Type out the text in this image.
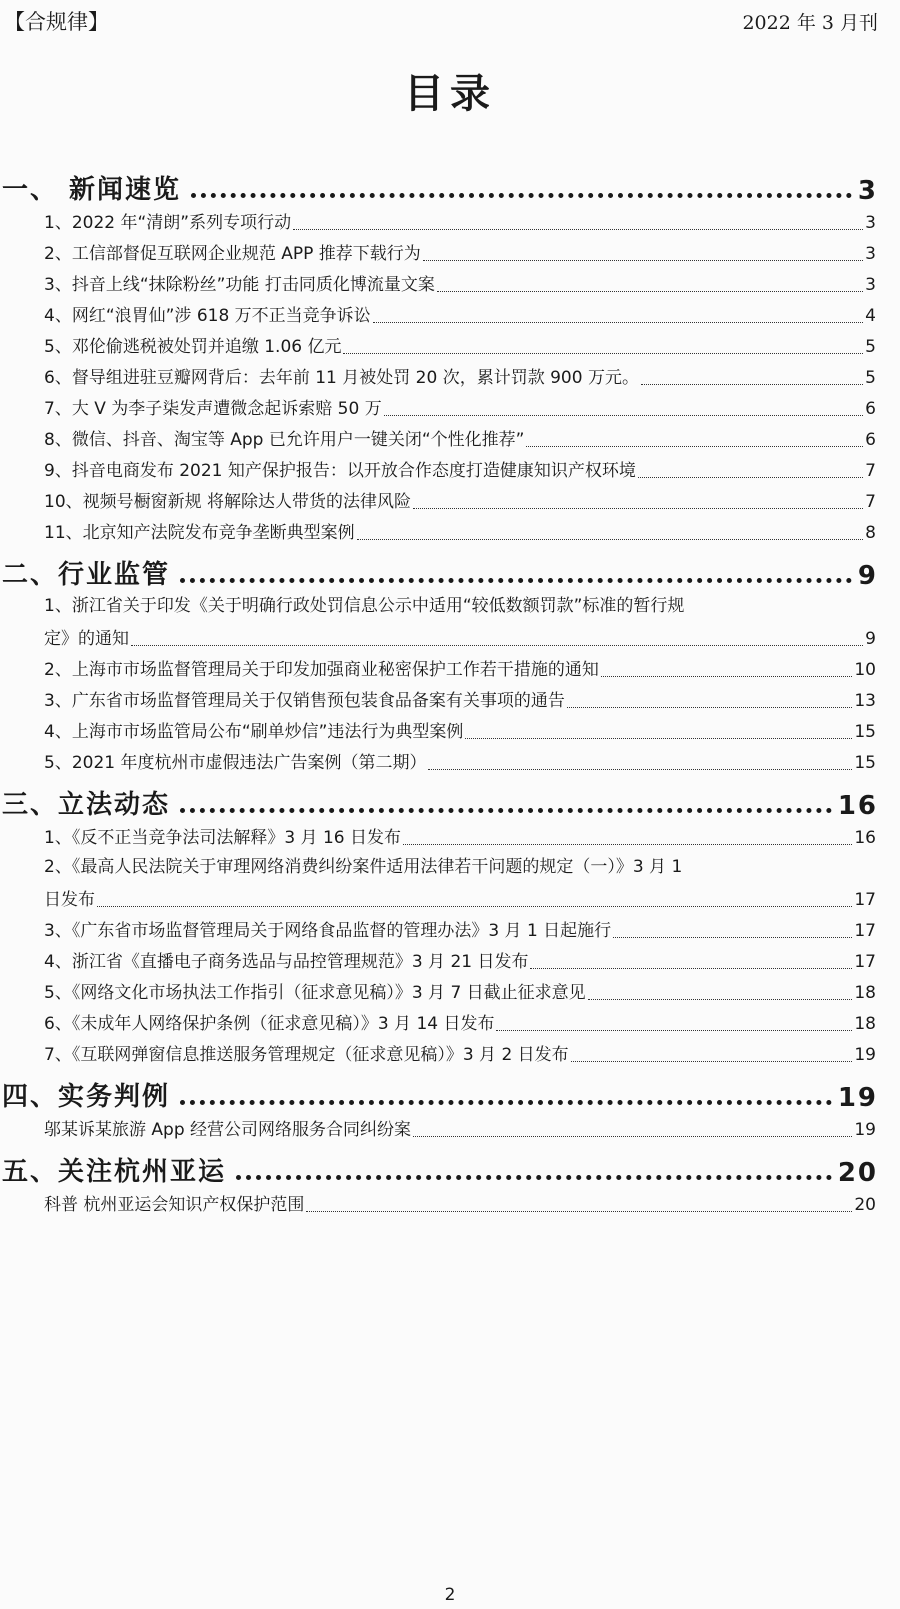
【合规律】	2022 年 3 月刊
目录
一、 新闻速览	3
1、2022 年“清朗”系列专项行动	3
2、工信部督促互联网企业规范 APP 推荐下载行为	3
3、抖音上线“抹除粉丝”功能 打击同质化博流量文案	3
4、网红“浪胃仙”涉 618 万不正当竞争诉讼	4
5、邓伦偷逃税被处罚并追缴 1.06 亿元	5
6、督导组进驻豆瓣网背后：去年前 11 月被处罚 20 次，累计罚款 900 万元。	5
7、大 V 为李子柒发声遭微念起诉索赔 50 万	6
8、微信、抖音、淘宝等 App 已允许用户一键关闭“个性化推荐”	6
9、抖音电商发布 2021 知产保护报告：以开放合作态度打造健康知识产权环境	7
10、视频号橱窗新规 将解除达人带货的法律风险	7
11、北京知产法院发布竞争垄断典型案例	8
二、行业监管	9
1、浙江省关于印发《关于明确行政处罚信息公示中适用“较低数额罚款”标准的暂行规
定》的通知	9
2、上海市市场监督管理局关于印发加强商业秘密保护工作若干措施的通知	10
3、广东省市场监督管理局关于仅销售预包装食品备案有关事项的通告	13
4、上海市市场监管局公布“刷单炒信”违法行为典型案例	15
5、2021 年度杭州市虚假违法广告案例（第二期）	15
三、立法动态	16
1、《反不正当竞争法司法解释》3 月 16 日发布	16
2、《最高人民法院关于审理网络消费纠纷案件适用法律若干问题的规定（一）》3 月 1
日发布	17
3、《广东省市场监督管理局关于网络食品监督的管理办法》3 月 1 日起施行	17
4、浙江省《直播电子商务选品与品控管理规范》3 月 21 日发布	17
5、《网络文化市场执法工作指引（征求意见稿）》3 月 7 日截止征求意见	18
6、《未成年人网络保护条例（征求意见稿）》3 月 14 日发布	18
7、《互联网弹窗信息推送服务管理规定（征求意见稿）》3 月 2 日发布	19
四、实务判例	19
邬某诉某旅游 App 经营公司网络服务合同纠纷案	19
五、关注杭州亚运	20
科普 杭州亚运会知识产权保护范围	20
2
